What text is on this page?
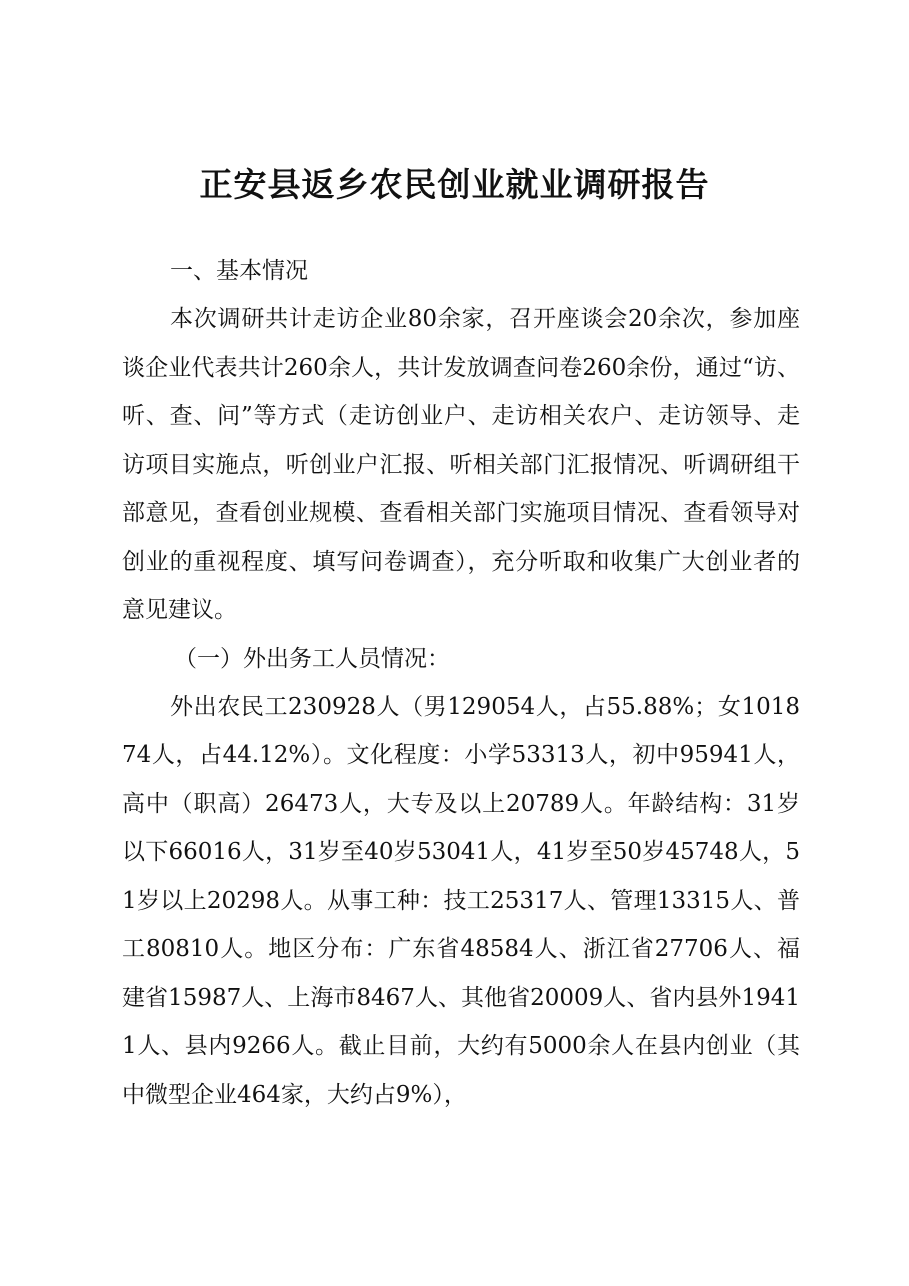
正安县返乡农民创业就业调研报告

一、基本情况

本次调研共计走访企业80余家，召开座谈会20余次，参加座谈企业代表共计260余人，共计发放调查问卷260余份，通过“访、听、查、问”等方式（走访创业户、走访相关农户、走访领导、走访项目实施点，听创业户汇报、听相关部门汇报情况、听调研组干部意见，查看创业规模、查看相关部门实施项目情况、查看领导对创业的重视程度、填写问卷调查），充分听取和收集广大创业者的意见建议。

（一）外出务工人员情况：

外出农民工230928人（男129054人，占55.88%；女101874人，占44.12%）。文化程度：小学53313人，初中95941人，高中（职高）26473人，大专及以上20789人。年龄结构：31岁以下66016人，31岁至40岁53041人，41岁至50岁45748人，51岁以上20298人。从事工种：技工25317人、管理13315人、普工80810人。地区分布：广东省48584人、浙江省27706人、福建省15987人、上海市8467人、其他省20009人、省内县外19411人、县内9266人。截止目前，大约有5000余人在县内创业（其中微型企业464家，大约占9%），
